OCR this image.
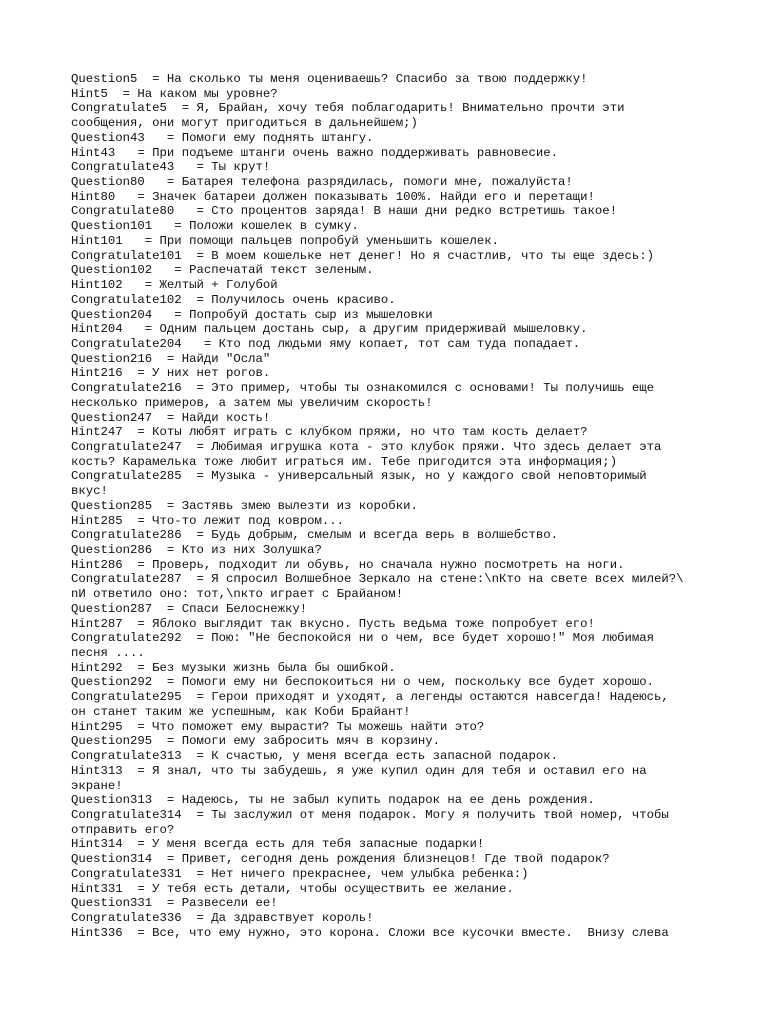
Question5  = На сколько ты меня оцениваешь? Спасибо за твою поддержку!
Hint5  = На каком мы уровне?
Congratulate5  = Я, Брайан, хочу тебя поблагодарить! Внимательно прочти эти
сообщения, они могут пригодиться в дальнейшем;)
Question43   = Помоги ему поднять штангу.
Hint43   = При подъеме штанги очень важно поддерживать равновесие.
Congratulate43   = Ты крут!
Question80   = Батарея телефона разрядилась, помоги мне, пожалуйста!
Hint80   = Значек батареи должен показывать 100%. Найди его и перетащи!
Congratulate80   = Сто процентов заряда! В наши дни редко встретишь такое!
Question101   = Положи кошелек в сумку.
Hint101   = При помощи пальцев попробуй уменьшить кошелек.
Congratulate101  = В моем кошельке нет денег! Но я счастлив, что ты еще здесь:)
Question102   = Распечатай текст зеленым.
Hint102   = Желтый + Голубой
Congratulate102  = Получилось очень красиво.
Question204   = Попробуй достать сыр из мышеловки
Hint204   = Одним пальцем достань сыр, а другим придерживай мышеловку.
Congratulate204   = Кто под людьми яму копает, тот сам туда попадает.
Question216  = Найди "Осла"
Hint216  = У них нет рогов.
Congratulate216  = Это пример, чтобы ты ознакомился с основами! Ты получишь еще
несколько примеров, а затем мы увеличим скорость!
Question247  = Найди кость!
Hint247  = Коты любят играть с клубком пряжи, но что там кость делает?
Congratulate247  = Любимая игрушка кота - это клубок пряжи. Что здесь делает эта
кость? Карамелька тоже любит играться им. Тебе пригодится эта информация;)
Congratulate285  = Музыка - универсальный язык, но у каждого свой неповторимый
вкус!
Question285  = Застявь змею вылезти из коробки.
Hint285  = Что-то лежит под ковром...
Congratulate286  = Будь добрым, смелым и всегда верь в волшебство.
Question286  = Кто из них Золушка?
Hint286  = Проверь, подходит ли обувь, но сначала нужно посмотреть на ноги.
Congratulate287  = Я спросил Волшебное Зеркало на стене:\nКто на свете всех милей?\
nИ ответило оно: тот,\nкто играет с Брайаном!
Question287  = Спаси Белоснежку!
Hint287  = Яблоко выглядит так вкусно. Пусть ведьма тоже попробует его!
Congratulate292  = Пою: "Не беспокойся ни о чем, все будет хорошо!" Моя любимая
песня ....
Hint292  = Без музыки жизнь была бы ошибкой.
Question292  = Помоги ему ни беспокоиться ни о чем, поскольку все будет хорошо.
Congratulate295  = Герои приходят и уходят, а легенды остаются навсегда! Надеюсь,
он станет таким же успешным, как Коби Брайант!
Hint295  = Что поможет ему вырасти? Ты можешь найти это?
Question295  = Помоги ему забросить мяч в корзину.
Congratulate313  = К счастью, у меня всегда есть запасной подарок.
Hint313  = Я знал, что ты забудешь, я уже купил один для тебя и оставил его на
экране!
Question313  = Надеюсь, ты не забыл купить подарок на ее день рождения.
Congratulate314  = Ты заслужил от меня подарок. Могу я получить твой номер, чтобы
отправить его?
Hint314  = У меня всегда есть для тебя запасные подарки!
Question314  = Привет, сегодня день рождения близнецов! Где твой подарок?
Congratulate331  = Нет ничего прекраснее, чем улыбка ребенка:)
Hint331  = У тебя есть детали, чтобы осуществить ее желание.
Question331  = Развесели ее!
Congratulate336  = Да здравствует король!
Hint336  = Все, что ему нужно, это корона. Сложи все кусочки вместе.  Внизу слева
